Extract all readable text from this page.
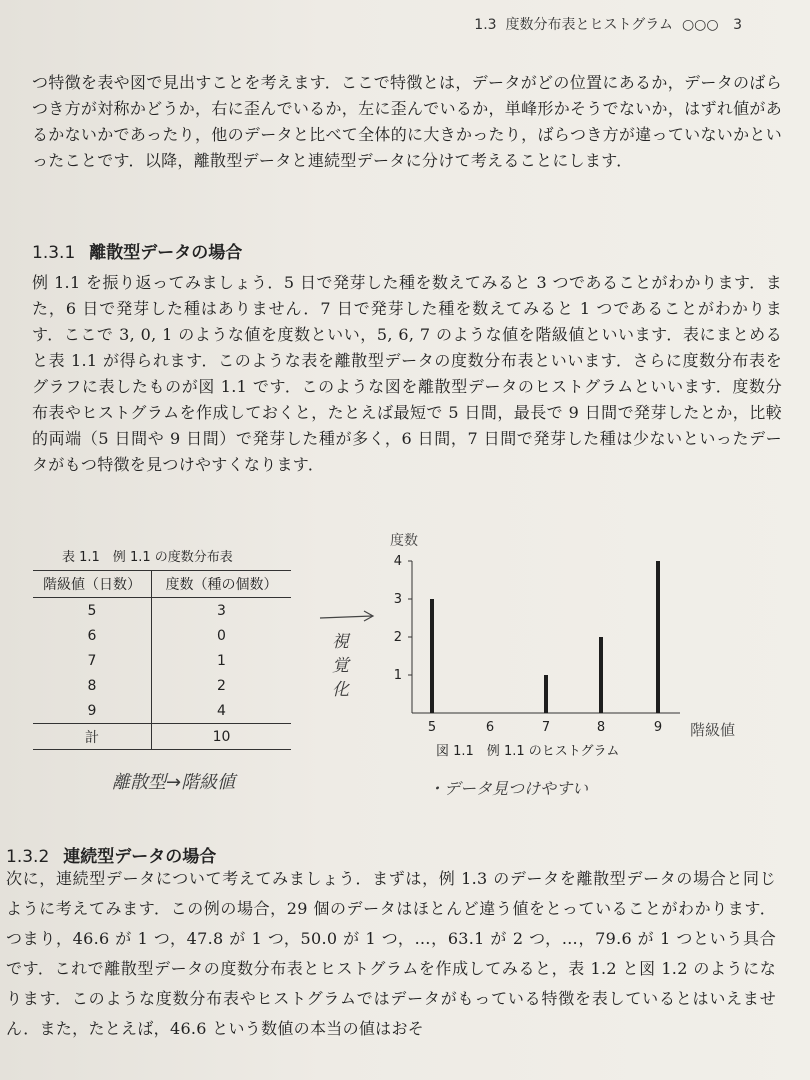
1.3 度数分布表とヒストグラム ○○○ 3

つ特徴を表や図で見出すことを考えます．ここで特徴とは，データがどの位置にあるか，データのばらつき方が対称かどうか，右に歪んでいるか，左に歪んでいるか，単峰形かそうでないか，はずれ値があるかないかであったり，他のデータと比べて全体的に大きかったり，ばらつき方が違っていないかといったことです．以降，離散型データと連続型データに分けて考えることにします．

1.3.1 離散型データの場合

例 1.1 を振り返ってみましょう．5 日で発芽した種を数えてみると 3 つであることがわかります．また，6 日で発芽した種はありません．7 日で発芽した種を数えてみると 1 つであることがわかります．ここで 3, 0, 1 のような値を度数といい，5, 6, 7 のような値を階級値といいます．表にまとめると表 1.1 が得られます．このような表を離散型データの度数分布表といいます．さらに度数分布表をグラフに表したものが図 1.1 です．このような図を離散型データのヒストグラムといいます．度数分布表やヒストグラムを作成しておくと，たとえば最短で 5 日間，最長で 9 日間で発芽したとか，比較的両端（5 日間や 9 日間）で発芽した種が多く，6 日間，7 日間で発芽した種は少ないといったデータがもつ特徴を見つけやすくなります．

表 1.1　例 1.1 の度数分布表
階級値（日数）	度数（種の個数）
5	3
6	0
7	1
8	2
9	4
計	10
離散型→階級値
視覚化
度数
1
2
3
4
5	6	7	8	9 階級値
図 1.1　例 1.1 のヒストグラム
・データ見つけやすい
1.3.2 連続型データの場合

次に，連続型データについて考えてみましょう．まずは，例 1.3 のデータを離散型データの場合と同じように考えてみます．この例の場合，29 個のデータはほとんど違う値をとっていることがわかります．つまり，46.6 が 1 つ，47.8 が 1 つ，50.0 が 1 つ，…，63.1 が 2 つ，…，79.6 が 1 つという具合です．これで離散型データの度数分布表とヒストグラムを作成してみると，表 1.2 と図 1.2 のようになります．このような度数分布表やヒストグラムではデータがもっている特徴を表しているとはいえません．また，たとえば，46.6 という数値の本当の値はおそ
